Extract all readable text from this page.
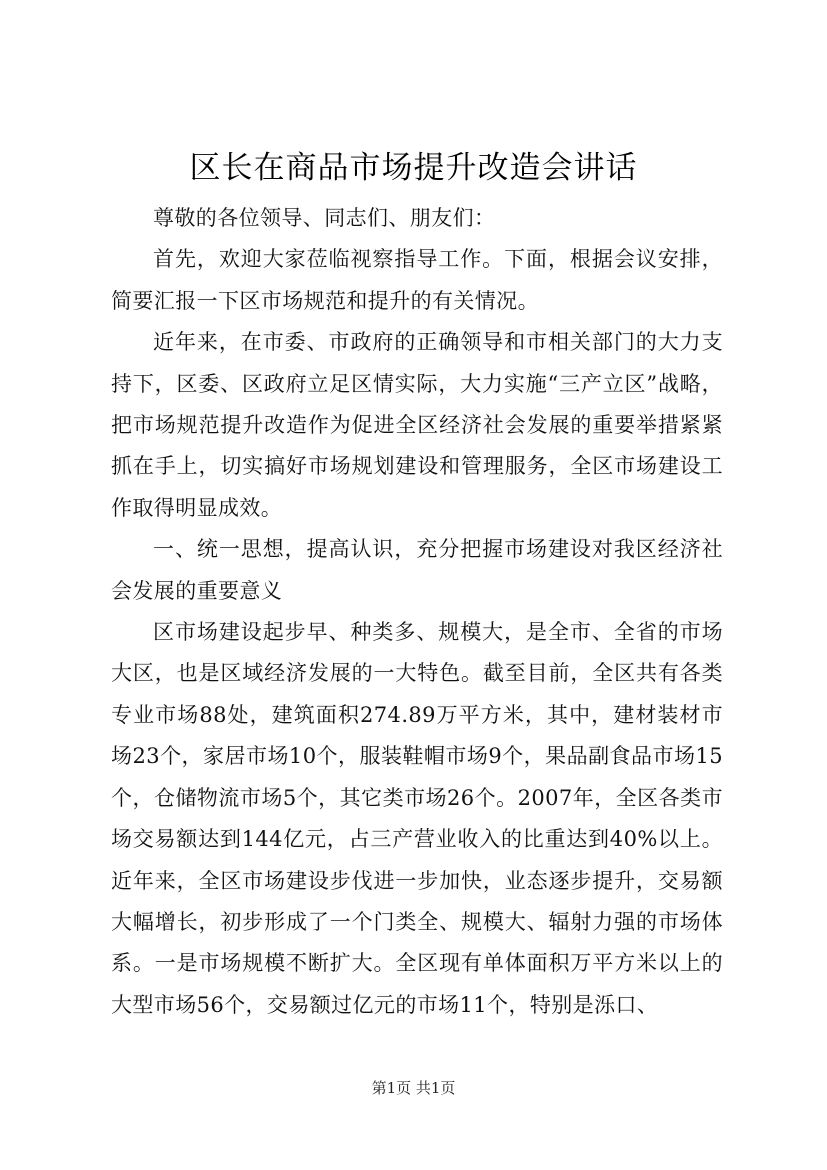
区长在商品市场提升改造会讲话

尊敬的各位领导、同志们、朋友们：

首先，欢迎大家莅临视察指导工作。下面，根据会议安排，简要汇报一下区市场规范和提升的有关情况。

近年来，在市委、市政府的正确领导和市相关部门的大力支持下，区委、区政府立足区情实际，大力实施“三产立区”战略，把市场规范提升改造作为促进全区经济社会发展的重要举措紧紧抓在手上，切实搞好市场规划建设和管理服务，全区市场建设工作取得明显成效。

一、统一思想，提高认识，充分把握市场建设对我区经济社会发展的重要意义

区市场建设起步早、种类多、规模大，是全市、全省的市场大区，也是区域经济发展的一大特色。截至目前，全区共有各类专业市场88处，建筑面积274.89万平方米，其中，建材装材市场23个，家居市场10个，服装鞋帽市场9个，果品副食品市场15个，仓储物流市场5个，其它类市场26个。2007年，全区各类市场交易额达到144亿元，占三产营业收入的比重达到40%以上。近年来，全区市场建设步伐进一步加快，业态逐步提升，交易额大幅增长，初步形成了一个门类全、规模大、辐射力强的市场体系。一是市场规模不断扩大。全区现有单体面积万平方米以上的大型市场56个，交易额过亿元的市场11个，特别是泺口、

第1页 共1页
